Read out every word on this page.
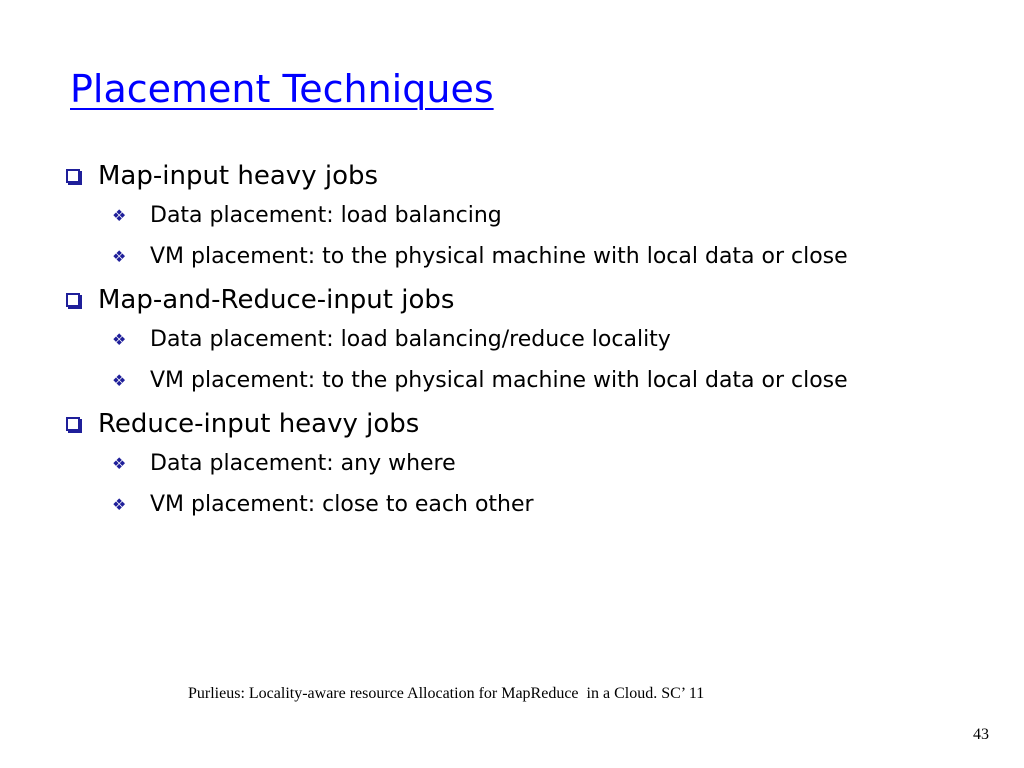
Placement Techniques
Map-input heavy jobs
❖ Data placement: load balancing
❖ VM placement: to the physical machine with local data or close
Map-and-Reduce-input jobs
❖ Data placement: load balancing/reduce locality
❖ VM placement: to the physical machine with local data or close
Reduce-input heavy jobs
❖ Data placement: any where
❖ VM placement: close to each other
Purlieus: Locality-aware resource Allocation for MapReduce  in a Cloud. SC’ 11
43
